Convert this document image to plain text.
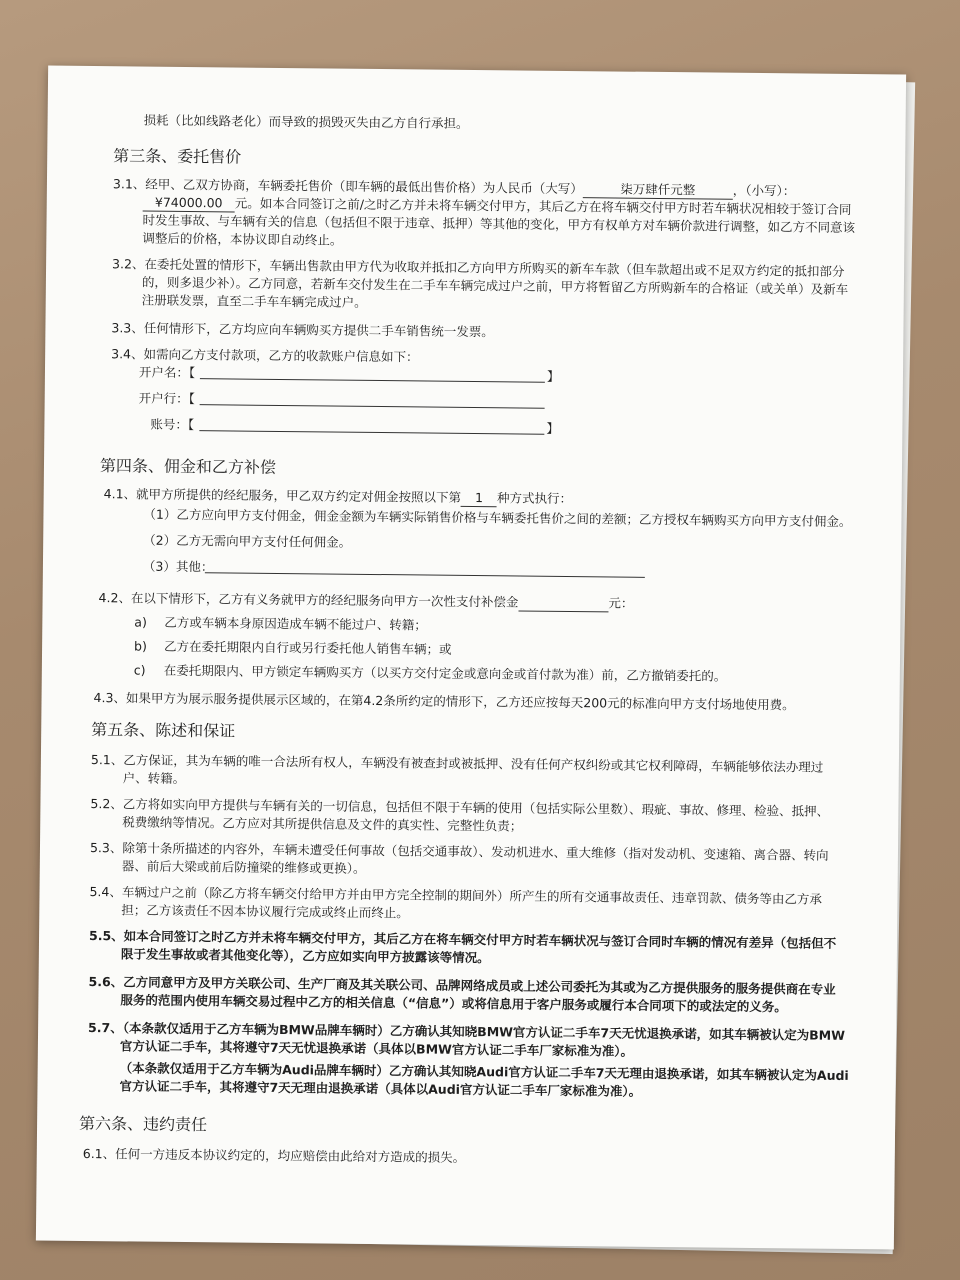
损耗（比如线路老化）而导致的损毁灭失由乙方自行承担。
第三条、委托售价
3.1、经甲、乙双方协商，车辆委托售价（即车辆的最低出售价格）为人民币（大写）	柒万肆仟元整	，（小写）：
¥74000.00 元。如本合同签订之前/之时乙方并未将车辆交付甲方，其后乙方在将车辆交付甲方时若车辆状况相较于签订合同
时发生事故、与车辆有关的信息（包括但不限于违章、抵押）等其他的变化，甲方有权单方对车辆价款进行调整，如乙方不同意该
调整后的价格，本协议即自动终止。
3.2、在委托处置的情形下，车辆出售款由甲方代为收取并抵扣乙方向甲方所购买的新车车款（但车款超出或不足双方约定的抵扣部分
的，则多退少补）。乙方同意，若新车交付发生在二手车车辆完成过户之前，甲方将暂留乙方所购新车的合格证（或关单）及新车
注册联发票，直至二手车车辆完成过户。
3.3、任何情形下，乙方均应向车辆购买方提供二手车销售统一发票。
3.4、如需向乙方支付款项，乙方的收款账户信息如下：
开户名：【	】
开户行：【
账号：【	】
第四条、佣金和乙方补偿
4.1、就甲方所提供的经纪服务，甲乙双方约定对佣金按照以下第 1 种方式执行：
（1）乙方应向甲方支付佣金，佣金金额为车辆实际销售价格与车辆委托售价之间的差额；乙方授权车辆购买方向甲方支付佣金。
（2）乙方无需向甲方支付任何佣金。
（3）其他：
4.2、在以下情形下，乙方有义务就甲方的经纪服务向甲方一次性支付补偿金	元：
a) 乙方或车辆本身原因造成车辆不能过户、转籍；
b) 乙方在委托期限内自行或另行委托他人销售车辆；或
c) 在委托期限内、甲方锁定车辆购买方（以买方交付定金或意向金或首付款为准）前，乙方撤销委托的。
4.3、如果甲方为展示服务提供展示区域的，在第4.2条所约定的情形下，乙方还应按每天200元的标准向甲方支付场地使用费。
第五条、陈述和保证
5.1、乙方保证，其为车辆的唯一合法所有权人，车辆没有被查封或被抵押、没有任何产权纠纷或其它权利障碍，车辆能够依法办理过
户、转籍。
5.2、乙方将如实向甲方提供与车辆有关的一切信息，包括但不限于车辆的使用（包括实际公里数）、瑕疵、事故、修理、检验、抵押、
税费缴纳等情况。乙方应对其所提供信息及文件的真实性、完整性负责；
5.3、除第十条所描述的内容外，车辆未遭受任何事故（包括交通事故）、发动机进水、重大维修（指对发动机、变速箱、离合器、转向
器、前后大梁或前后防撞梁的维修或更换）。
5.4、车辆过户之前（除乙方将车辆交付给甲方并由甲方完全控制的期间外）所产生的所有交通事故责任、违章罚款、债务等由乙方承
担；乙方该责任不因本协议履行完成或终止而终止。
5.5、如本合同签订之时乙方并未将车辆交付甲方，其后乙方在将车辆交付甲方时若车辆状况与签订合同时车辆的情况有差异（包括但不
限于发生事故或者其他变化等），乙方应如实向甲方披露该等情况。
5.6、乙方同意甲方及甲方关联公司、生产厂商及其关联公司、品牌网络成员或上述公司委托为其或为乙方提供服务的服务提供商在专业
服务的范围内使用车辆交易过程中乙方的相关信息（“信息”）或将信息用于客户服务或履行本合同项下的或法定的义务。
5.7、（本条款仅适用于乙方车辆为BMW品牌车辆时）乙方确认其知晓BMW官方认证二手车7天无忧退换承诺，如其车辆被认定为BMW
官方认证二手车，其将遵守7天无忧退换承诺（具体以BMW官方认证二手车厂家标准为准）。
（本条款仅适用于乙方车辆为Audi品牌车辆时）乙方确认其知晓Audi官方认证二手车7天无理由退换承诺，如其车辆被认定为Audi
官方认证二手车，其将遵守7天无理由退换承诺（具体以Audi官方认证二手车厂家标准为准）。
第六条、违约责任
6.1、任何一方违反本协议约定的，均应赔偿由此给对方造成的损失。
